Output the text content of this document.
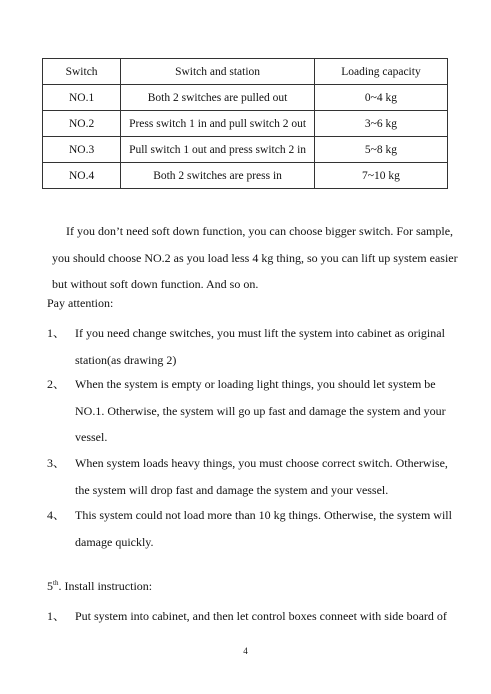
Switch	Switch and station	Loading capacity
NO.1	Both 2 switches are pulled out	0~4 kg
NO.2	Press switch 1 in and pull switch 2 out	3~6 kg
NO.3	Pull switch 1 out and press switch 2 in	5~8 kg
NO.4	Both 2 switches are press in	7~10 kg
If you don’t need soft down function, you can choose bigger switch. For sample,
you should choose NO.2 as you load less 4 kg thing, so you can lift up system easier
but without soft down function. And so on.
Pay attention:
1、 If you need change switches, you must lift the system into cabinet as original
station(as drawing 2)
2、 When the system is empty or loading light things, you should let system be
NO.1. Otherwise, the system will go up fast and damage the system and your
vessel.
3、 When system loads heavy things, you must choose correct switch. Otherwise,
the system will drop fast and damage the system and your vessel.
4、 This system could not load more than 10 kg things. Otherwise, the system will
damage quickly.
5th. Install instruction:
1、 Put system into cabinet, and then let control boxes conneet with side board of
4
